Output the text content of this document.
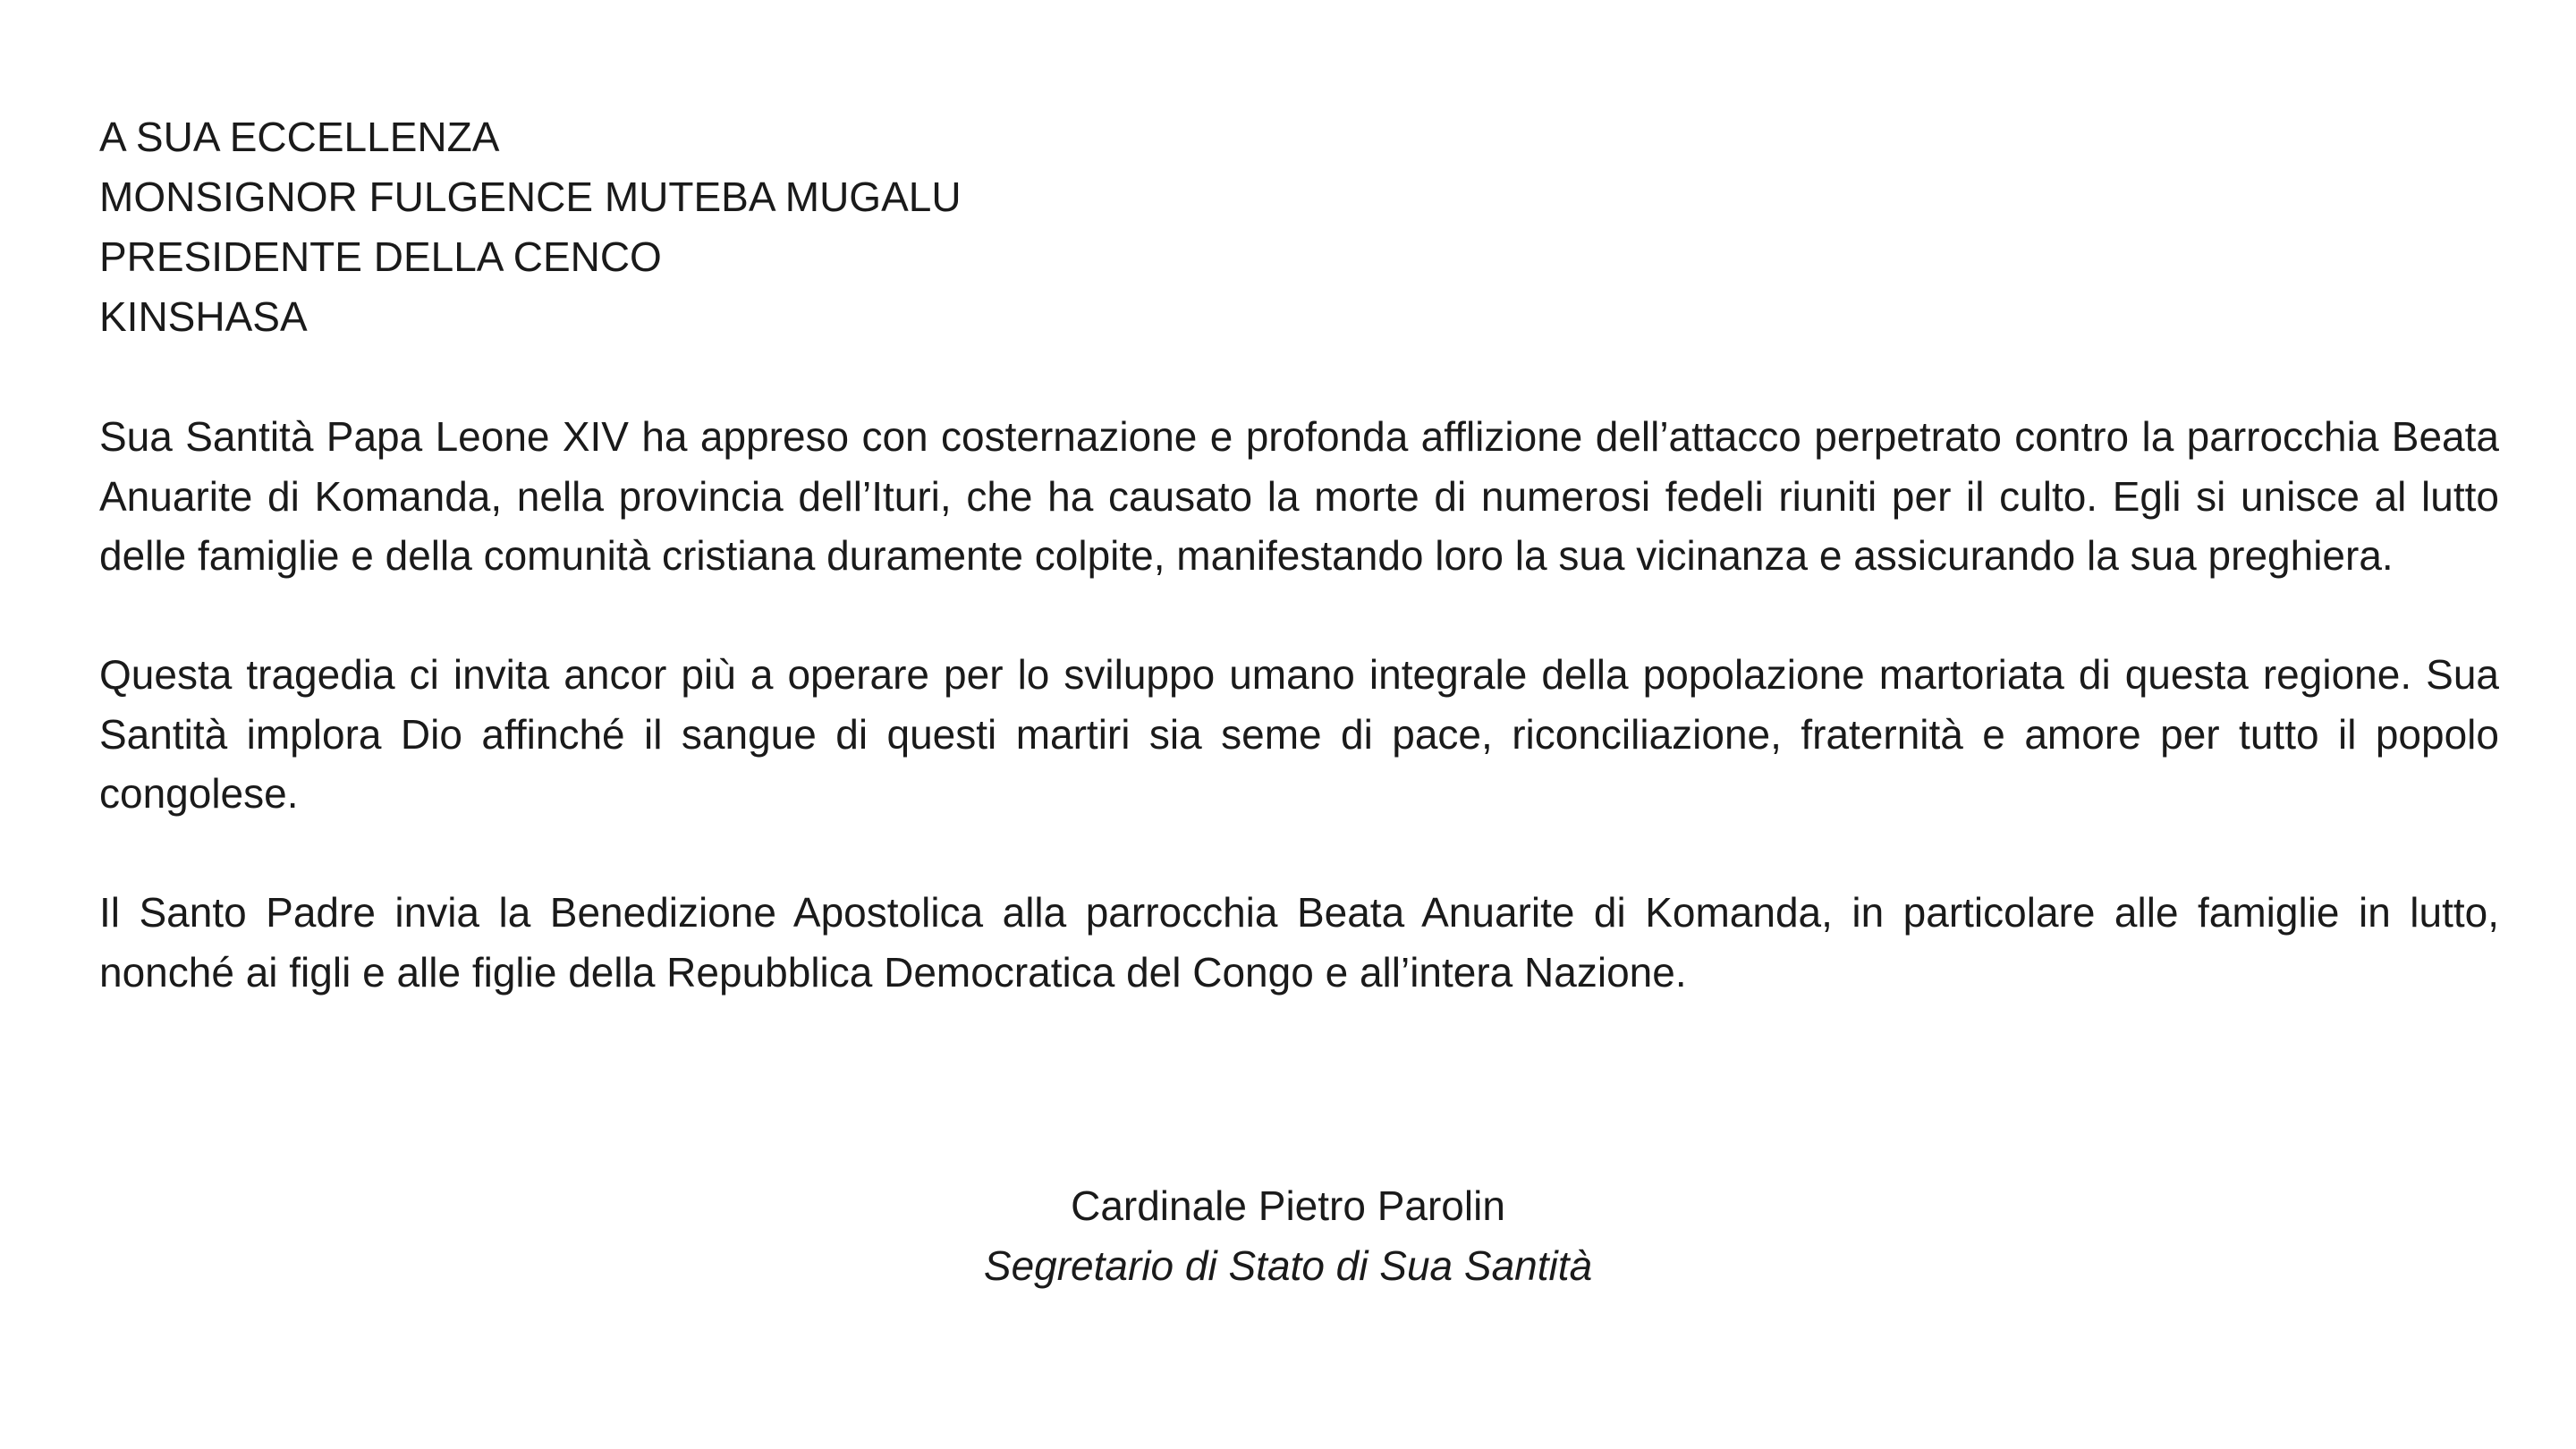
A SUA ECCELLENZA
MONSIGNOR FULGENCE MUTEBA MUGALU
PRESIDENTE DELLA CENCO
KINSHASA

Sua Santità Papa Leone XIV ha appreso con costernazione e profonda afflizione dell’attacco perpetrato contro la parrocchia Beata Anuarite di Komanda, nella provincia dell’Ituri, che ha causato la morte di numerosi fedeli riuniti per il culto. Egli si unisce al lutto delle famiglie e della comunità cristiana duramente colpite, manifestando loro la sua vicinanza e assicurando la sua preghiera.

Questa tragedia ci invita ancor più a operare per lo sviluppo umano integrale della popolazione martoriata di questa regione. Sua Santità implora Dio affinché il sangue di questi martiri sia seme di pace, riconciliazione, fraternità e amore per tutto il popolo congolese.

Il Santo Padre invia la Benedizione Apostolica alla parrocchia Beata Anuarite di Komanda, in particolare alle famiglie in lutto, nonché ai figli e alle figlie della Repubblica Democratica del Congo e all’intera Nazione.

Cardinale Pietro Parolin
Segretario di Stato di Sua Santità
